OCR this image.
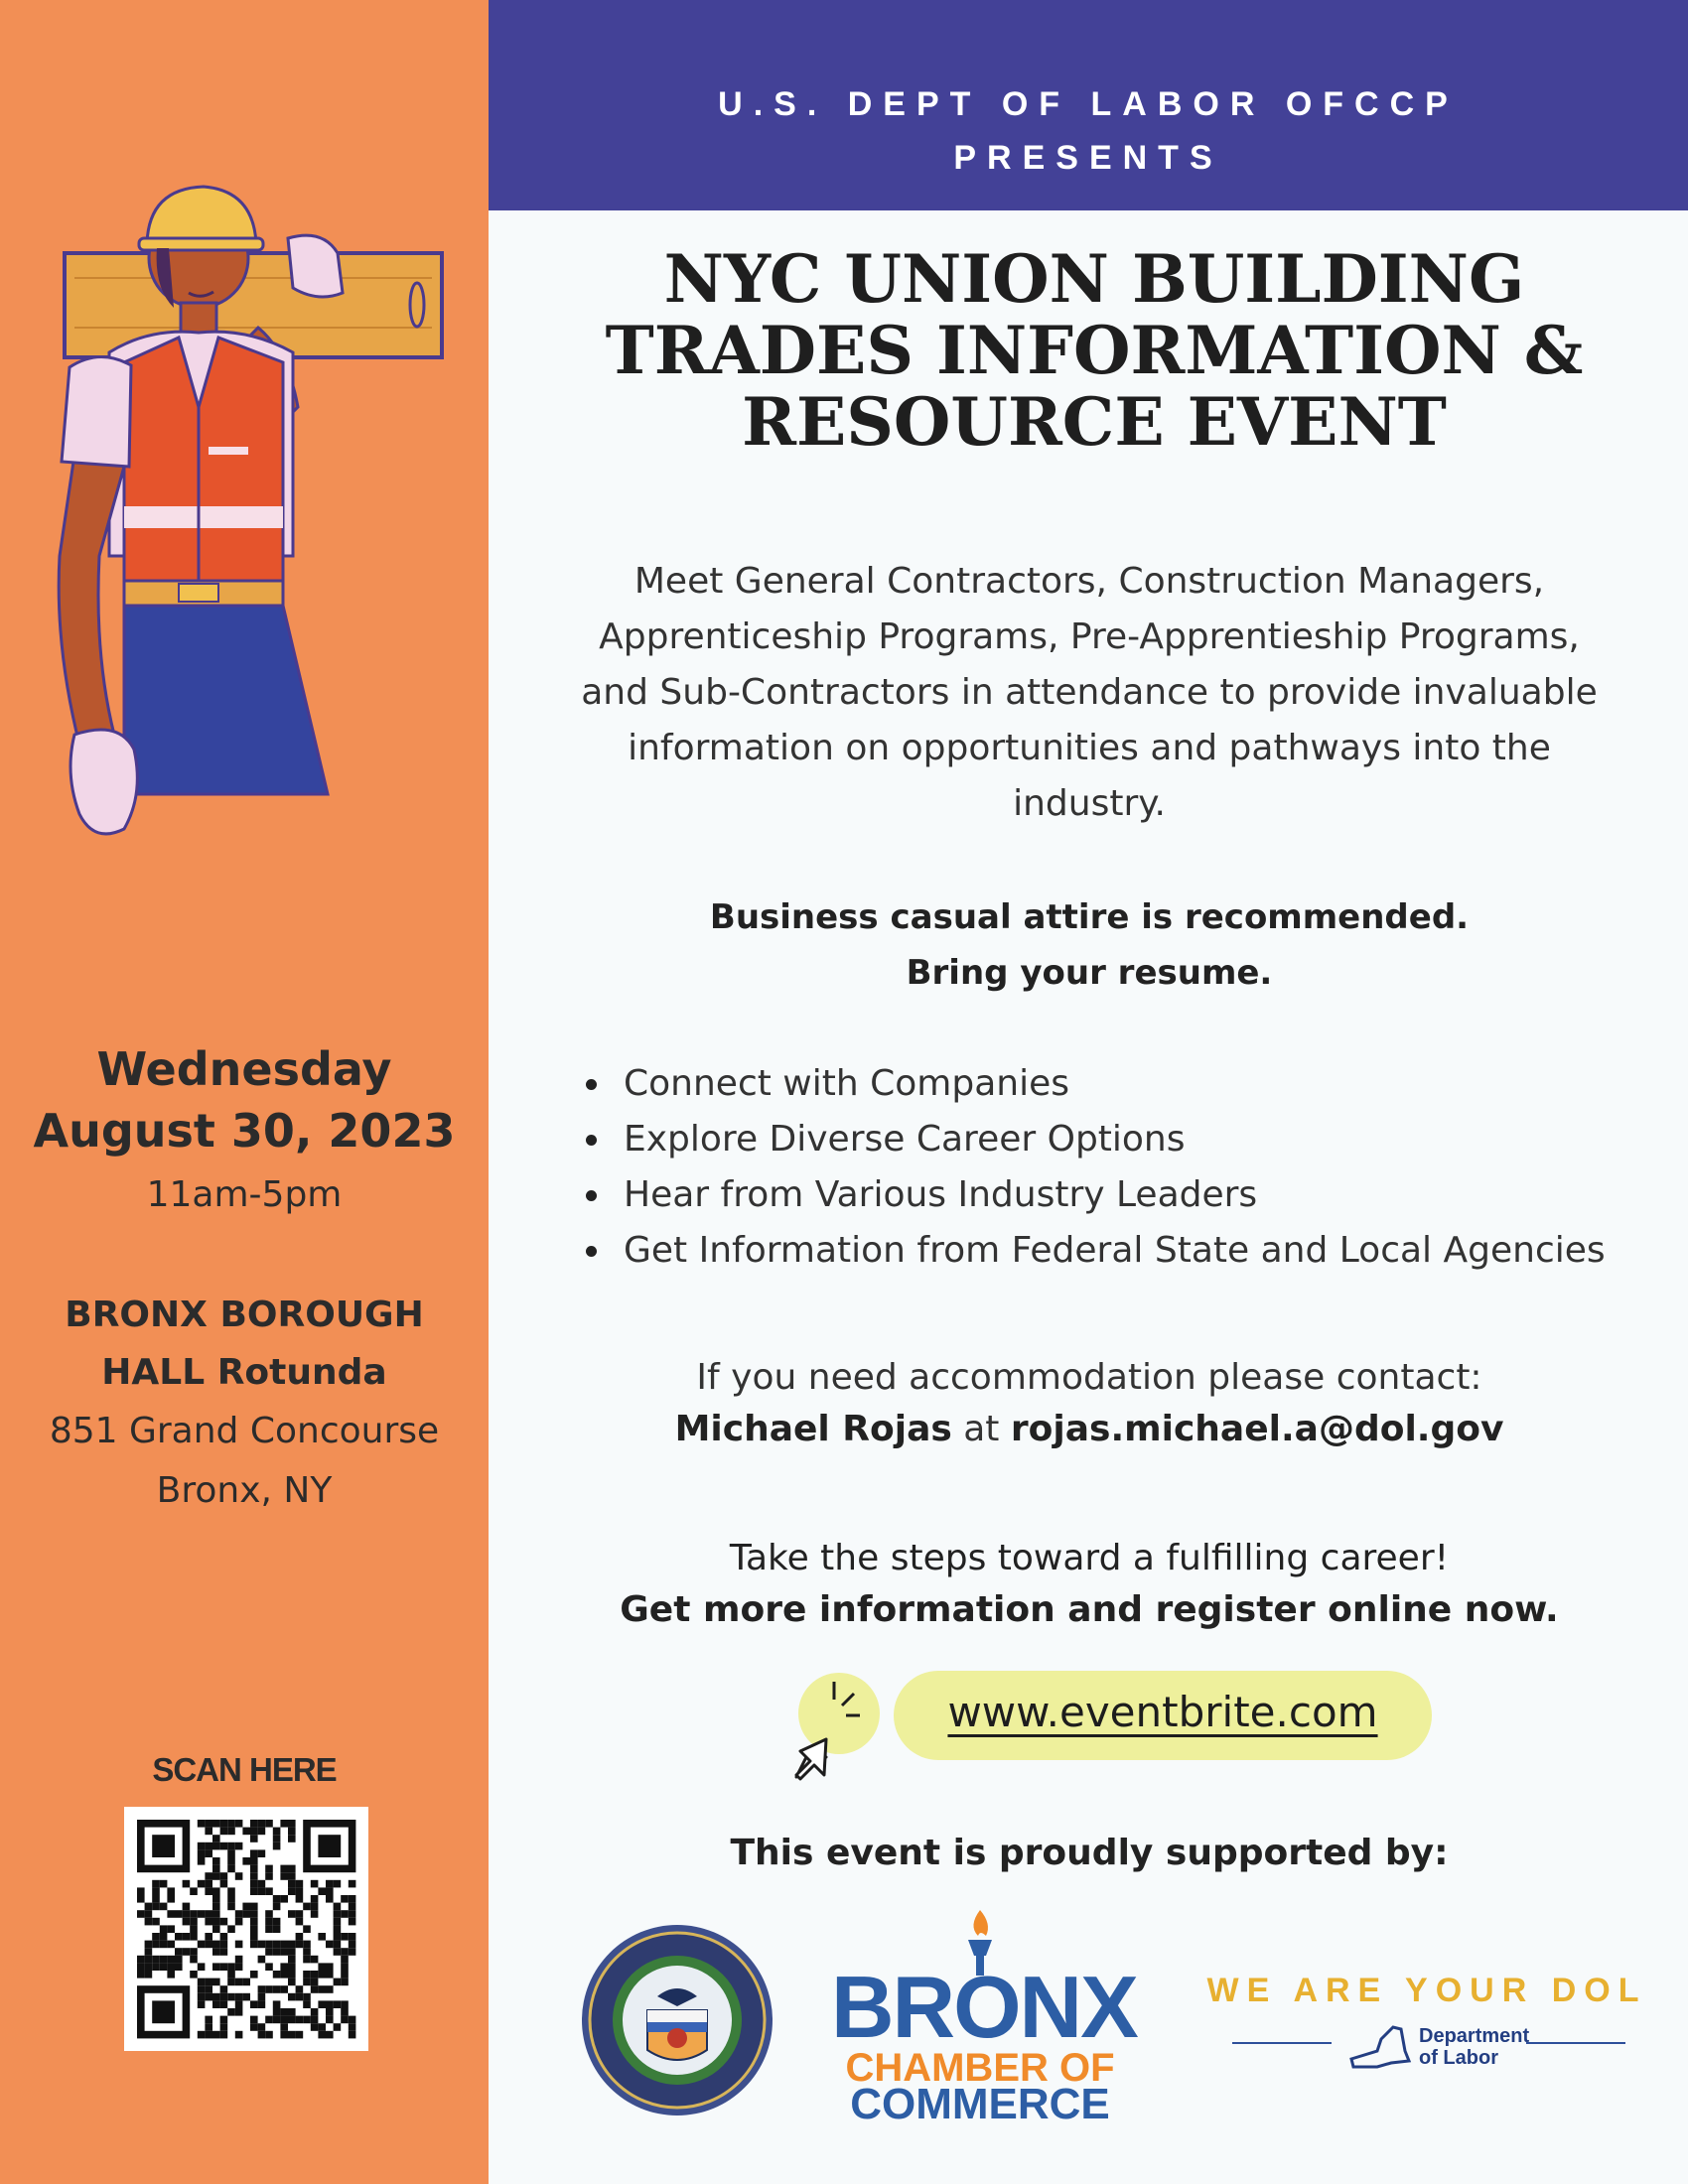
Wednesday
August 30, 2023
11am-5pm
BRONX BOROUGH
HALL Rotunda
851 Grand Concourse
Bronx, NY
SCAN HERE
U.S. DEPT OF LABOR OFCCP
PRESENTS
NYC UNION BUILDING
TRADES INFORMATION &
RESOURCE EVENT
Meet General Contractors, Construction Managers,
Apprenticeship Programs, Pre-Apprentieship Programs,
and Sub-Contractors in attendance to provide invaluable
information on opportunities and pathways into the
industry.
Business casual attire is recommended.
Bring your resume.
Connect with Companies
Explore Diverse Career Options
Hear from Various Industry Leaders
Get Information from Federal State and Local Agencies
If you need accommodation please contact:
Michael Rojas at rojas.michael.a@dol.gov
Take the steps toward a fulfilling career!
Get more information and register online now.
www.eventbrite.com
This event is proudly supported by:
BRONX
CHAMBER OF
COMMERCE
WE ARE YOUR DOL
Department
of Labor
